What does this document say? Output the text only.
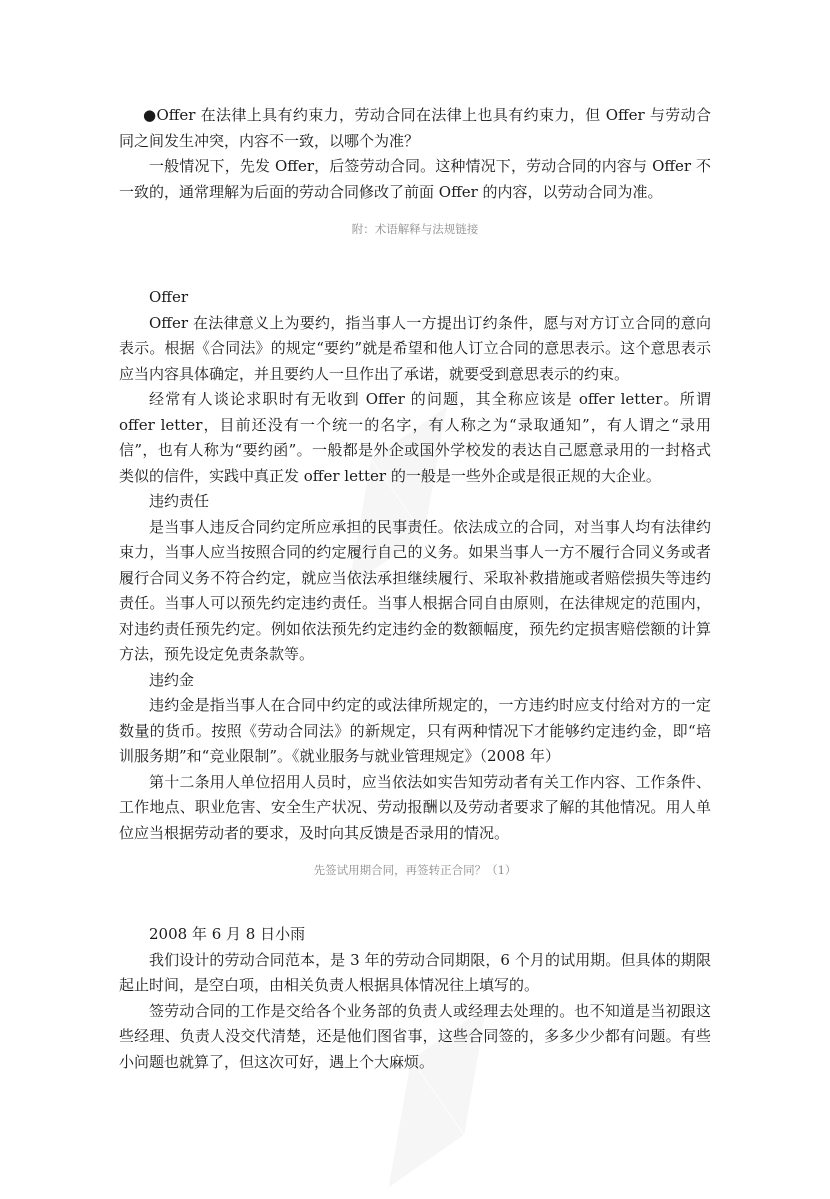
●Offer 在法律上具有约束力，劳动合同在法律上也具有约束力，但 Offer 与劳动合同之间发生冲突，内容不一致，以哪个为准？

一般情况下，先发 Offer，后签劳动合同。这种情况下，劳动合同的内容与 Offer 不一致的，通常理解为后面的劳动合同修改了前面 Offer 的内容，以劳动合同为准。

附：术语解释与法规链接

Offer

Offer 在法律意义上为要约，指当事人一方提出订约条件，愿与对方订立合同的意向表示。根据《合同法》的规定“要约”就是希望和他人订立合同的意思表示。这个意思表示应当内容具体确定，并且要约人一旦作出了承诺，就要受到意思表示的约束。

经常有人谈论求职时有无收到 Offer 的问题，其全称应该是 offer letter。所谓 offer letter，目前还没有一个统一的名字，有人称之为“录取通知”，有人谓之“录用信”，也有人称为“要约函”。一般都是外企或国外学校发的表达自己愿意录用的一封格式类似的信件，实践中真正发 offer letter 的一般是一些外企或是很正规的大企业。

违约责任

是当事人违反合同约定所应承担的民事责任。依法成立的合同，对当事人均有法律约束力，当事人应当按照合同的约定履行自己的义务。如果当事人一方不履行合同义务或者履行合同义务不符合约定，就应当依法承担继续履行、采取补救措施或者赔偿损失等违约责任。当事人可以预先约定违约责任。当事人根据合同自由原则，在法律规定的范围内，对违约责任预先约定。例如依法预先约定违约金的数额幅度，预先约定损害赔偿额的计算方法，预先设定免责条款等。

违约金

违约金是指当事人在合同中约定的或法律所规定的，一方违约时应支付给对方的一定数量的货币。按照《劳动合同法》的新规定，只有两种情况下才能够约定违约金，即“培训服务期”和“竞业限制”。《就业服务与就业管理规定》（2008 年）

第十二条用人单位招用人员时，应当依法如实告知劳动者有关工作内容、工作条件、工作地点、职业危害、安全生产状况、劳动报酬以及劳动者要求了解的其他情况。用人单位应当根据劳动者的要求，及时向其反馈是否录用的情况。

先签试用期合同，再签转正合同？（1）

2008 年 6 月 8 日小雨

我们设计的劳动合同范本，是 3 年的劳动合同期限，6 个月的试用期。但具体的期限起止时间，是空白项，由相关负责人根据具体情况往上填写的。

签劳动合同的工作是交给各个业务部的负责人或经理去处理的。也不知道是当初跟这些经理、负责人没交代清楚，还是他们图省事，这些合同签的，多多少少都有问题。有些小问题也就算了，但这次可好，遇上个大麻烦。
